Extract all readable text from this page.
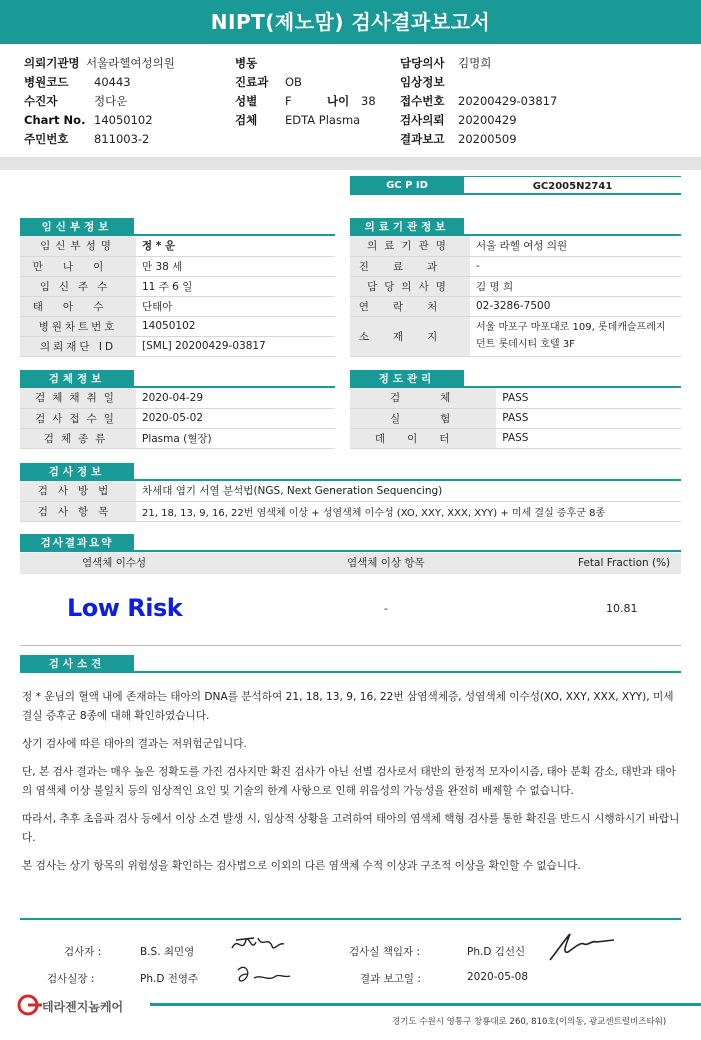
NIPT(제노맘) 검사결과보고서
의뢰기관명 서울라헬여성의원
병원코드 40443
수진자	정다운
Chart No. 14050102
주민번호 811003-2
병동
진료과 OB
성별 F	나이 38
검체 EDTA Plasma
담당의사 김명희
임상정보
접수번호 20200429-03817
검사의뢰 20200429
결과보고 20200509
GC P ID	GC2005N2741
임신부정보
임신부성명	정 * 운
만나이	만 38 세
임신주수	11 주 6 일
태아수	단태아
병원차트번호	14050102
의뢰재단 ID	[SML] 20200429-03817
의료기관정보
의료기관명	서울 라헬 여성 의원
진료과	-
담당의사명	김 명 희
연락처	02-3286-7500
소재지	서울 마포구 마포대로 109, 롯데캐슬프레지
던트 롯데시티 호텔 3F
검체정보
검체채취일	2020-04-29
검사접수일	2020-05-02
검체종류	Plasma (혈장)
정도관리
검체	PASS
실험	PASS
데이터	PASS
검사정보
검사방법	차세대 염기 서열 분석법(NGS, Next Generation Sequencing)
검사항목	21, 18, 13, 9, 16, 22번 염색체 이상 + 성염색체 이수성 (XO, XXY, XXX, XYY) + 미세 결실 증후군 8종
검사결과요약
염색체 이수성	염색체 이상 항목	Fetal Fraction (%)
Low Risk	-	10.81
검사소견

정 * 운님의 혈액 내에 존재하는 태아의 DNA를 분석하여 21, 18, 13, 9, 16, 22번 삼염색체증, 성염색체 이수성(XO, XXY, XXX, XYY), 미세 결실 증후군 8종에 대해 확인하였습니다.

상기 검사에 따른 태아의 결과는 저위험군입니다.

단, 본 검사 결과는 매우 높은 정확도를 가진 검사지만 확진 검사가 아닌 선별 검사로서 태반의 한정적 모자이시즘, 태아 분획 감소, 태반과 태아의 염색체 이상 불일치 등의 임상적인 요인 및 기술의 한계 사항으로 인해 위음성의 가능성을 완전히 배제할 수 없습니다.

따라서, 추후 초음파 검사 등에서 이상 소견 발생 시, 임상적 상황을 고려하여 태아의 염색체 핵형 검사를 통한 확진을 반드시 시행하시기 바랍니다.

본 검사는 상기 항목의 위험성을 확인하는 검사법으로 이외의 다른 염색체 수적 이상과 구조적 이상을 확인할 수 없습니다.

검사자 :	B.S. 최민영
검사실장 :	Ph.D 전영주
검사실 책임자 :	Ph.D 김선신
결과 보고일 :	2020-05-08
테라젠지놈케어
경기도 수원시 영통구 창룡대로 260, 810호(이의동, 광교센트럴비즈타워)
